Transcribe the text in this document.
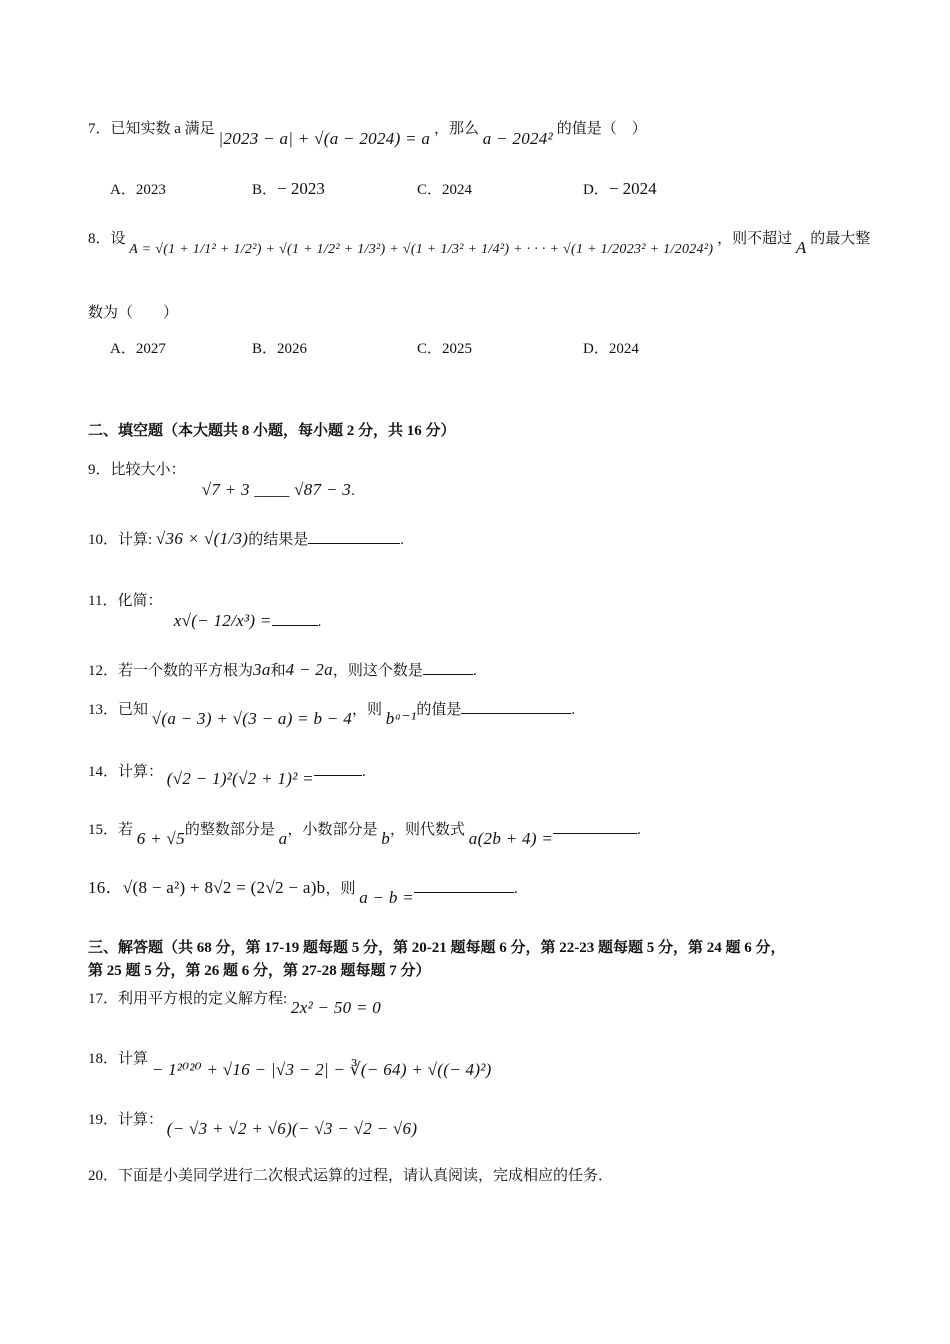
7．已知实数 a 满足 |2023 − a| + √(a − 2024) = a ，那么 a − 2024² 的值是（　）
A．2023	B．− 2023	C．2024	D．− 2024
8．设 A = √(1 + 1/1² + 1/2²) + √(1 + 1/2² + 1/3²) + √(1 + 1/3² + 1/4²) + · · · + √(1 + 1/2023² + 1/2024²) ，则不超过 A 的最大整
数为（　　）
A．2027	B．2026	C．2025	D．2024
二、填空题（本大题共 8 小题，每小题 2 分，共 16 分）
9．比较大小：
√7 + 3 ____ √87 − 3.
10．计算: √36 × √(1/3)的结果是	.
11．化简：
x√(− 12/x³) =	.
12．若一个数的平方根为3a和4 − 2a，则这个数是	.
13．已知 √(a − 3) + √(3 − a) = b − 4，则 bᵃ⁻¹的值是	.
14．计算： (√2 − 1)²(√2 + 1)² =	.
15．若 6 + √5的整数部分是 a，小数部分是 b，则代数式 a(2b + 4) =	.
16．√(8 − a²) + 8√2 = (2√2 − a)b，则 a − b =	.
三、解答题（共 68 分，第 17-19 题每题 5 分，第 20-21 题每题 6 分，第 22-23 题每题 5 分，第 24 题 6 分，
第 25 题 5 分，第 26 题 6 分，第 27-28 题每题 7 分）
17．利用平方根的定义解方程: 2x² − 50 = 0
18．计算 − 1²⁰²⁰ + √16 − |√3 − 2| − ∛(− 64) + √((− 4)²)
19．计算： (− √3 + √2 + √6)(− √3 − √2 − √6)
20．下面是小美同学进行二次根式运算的过程，请认真阅读，完成相应的任务．
